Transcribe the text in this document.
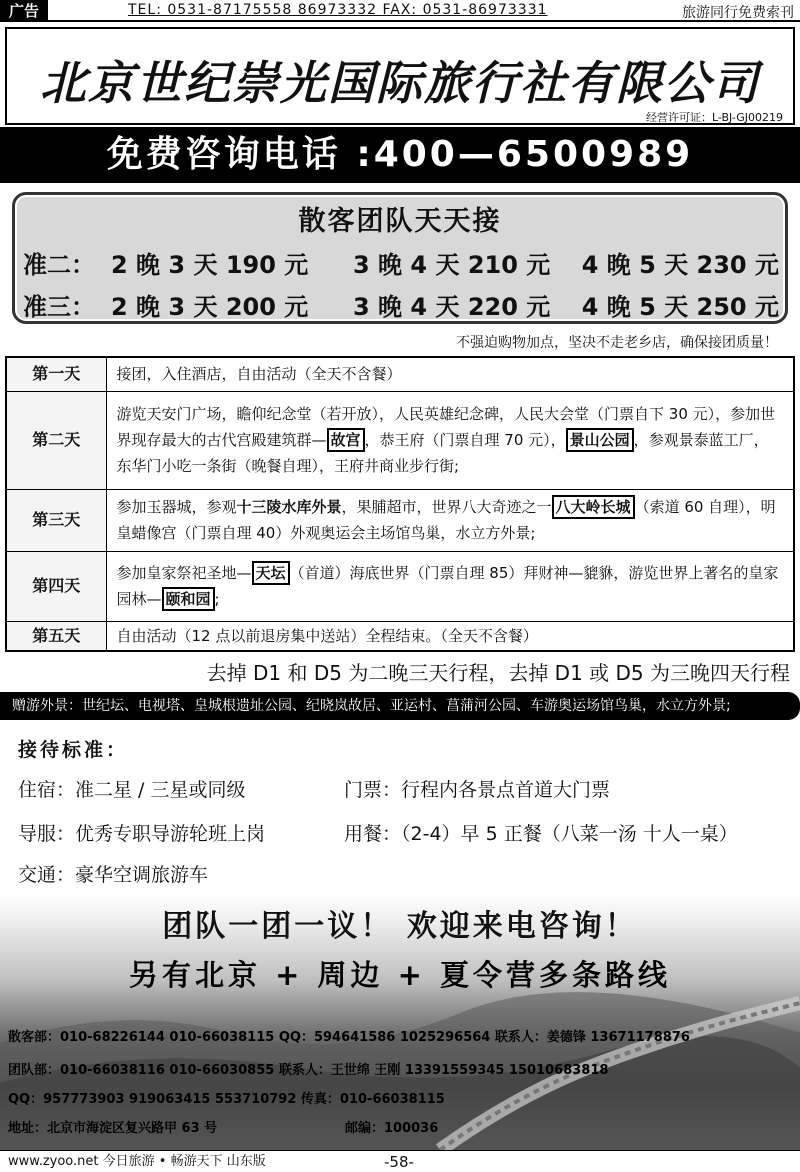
广告	TEL: 0531-87175558 86973332 FAX: 0531-86973331	旅游同行免费索刊
北京世纪崇光国际旅行社有限公司
经营许可证：L-BJ-GJ00219
免费咨询电话 :400—6500989
散客团队天天接
准二： 2 晚 3 天 190 元 3 晚 4 天 210 元 4 晚 5 天 230 元
准三： 2 晚 3 天 200 元 3 晚 4 天 220 元 4 晚 5 天 250 元
不强迫购物加点，坚决不走老乡店，确保接团质量！
第一天	接团，入住酒店，自由活动（全天不含餐）
第二天	游览天安门广场，瞻仰纪念堂（若开放），人民英雄纪念碑，人民大会堂（门票自下 30 元），参加世界现存最大的古代宫殿建筑群— 故宫 ，恭王府（门票自理 70 元）， 景山公园 ，参观景泰蓝工厂，东华门小吃一条街（晚餐自理），王府井商业步行街;
第三天	参加玉器城，参观十三陵水库外景，果脯超市，世界八大奇迹之一 八大岭长城 （索道 60 自理），明皇蜡像宫（门票自理 40）外观奥运会主场馆鸟巢，水立方外景;
第四天	参加皇家祭祀圣地— 天坛 （首道）海底世界（门票自理 85）拜财神—貔貅，游览世界上著名的皇家园林— 颐和园 ;
第五天	自由活动（12 点以前退房集中送站）全程结束。（全天不含餐）
去掉 D1 和 D5 为二晚三天行程，去掉 D1 或 D5 为三晚四天行程
赠游外景：世纪坛、电视塔、皇城根遗址公园、纪晓岚故居、亚运村、菖蒲河公园、车游奥运场馆鸟巢，水立方外景;
接待标准：
住宿：准二星 / 三星或同级	门票：行程内各景点首道大门票
导服：优秀专职导游轮班上岗	用餐：（2-4）早 5 正餐（八菜一汤 十人一桌）
交通：豪华空调旅游车
团队一团一议！ 欢迎来电咨询！
另有北京 + 周边 + 夏令营多条路线
散客部：010-68226144 010-66038115 QQ：594641586 1025296564 联系人：姜德锋 13671178876
团队部：010-66038116 010-66030855 联系人：王世绵 王刚 13391559345 15010683818
QQ：957773903 919063415 553710792 传真：010-66038115
地址：北京市海淀区复兴路甲 63 号	邮编：100036
www.zyoo.net 今日旅游 • 畅游天下 山东版	-58-
